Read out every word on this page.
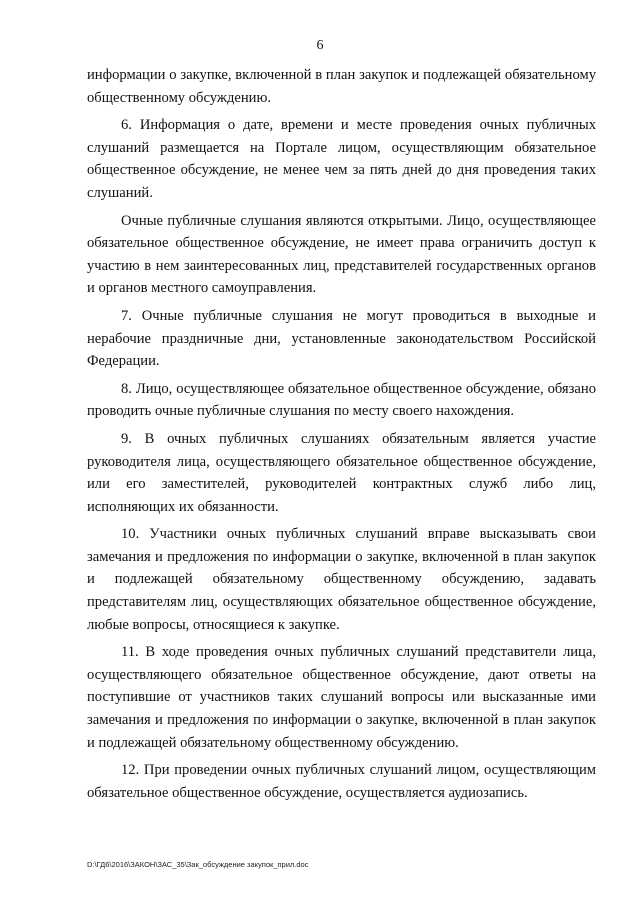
6

информации о закупке, включенной в план закупок и подлежащей обязательному общественному обсуждению.

6. Информация о дате, времени и месте проведения очных публичных слушаний размещается на Портале лицом, осуществляющим обязательное общественное обсуждение, не менее чем за пять дней до дня проведения таких слушаний.

Очные публичные слушания являются открытыми. Лицо, осуществляющее обязательное общественное обсуждение, не имеет права ограничить доступ к участию в нем заинтересованных лиц, представителей государственных органов и органов местного самоуправления.

7. Очные публичные слушания не могут проводиться в выходные и нерабочие праздничные дни, установленные законодательством Российской Федерации.

8. Лицо, осуществляющее обязательное общественное обсуждение, обязано проводить очные публичные слушания по месту своего нахождения.

9. В очных публичных слушаниях обязательным является участие руководителя лица, осуществляющего обязательное общественное обсуждение, или его заместителей, руководителей контрактных служб либо лиц, исполняющих их обязанности.

10. Участники очных публичных слушаний вправе высказывать свои замечания и предложения по информации о закупке, включенной в план закупок и подлежащей обязательному общественному обсуждению, задавать представителям лиц, осуществляющих обязательное общественное обсуждение, любые вопросы, относящиеся к закупке.

11. В ходе проведения очных публичных слушаний представители лица, осуществляющего обязательное общественное обсуждение, дают ответы на поступившие от участников таких слушаний вопросы или высказанные ими замечания и предложения по информации о закупке, включенной в план закупок и подлежащей обязательному общественному обсуждению.

12. При проведении очных публичных слушаний лицом, осуществляющим обязательное общественное обсуждение, осуществляется аудиозапись.

D:\ГД6\2016\ЗАКОН\ЗАС_35\Зак_обсуждение закупок_прил.doc
